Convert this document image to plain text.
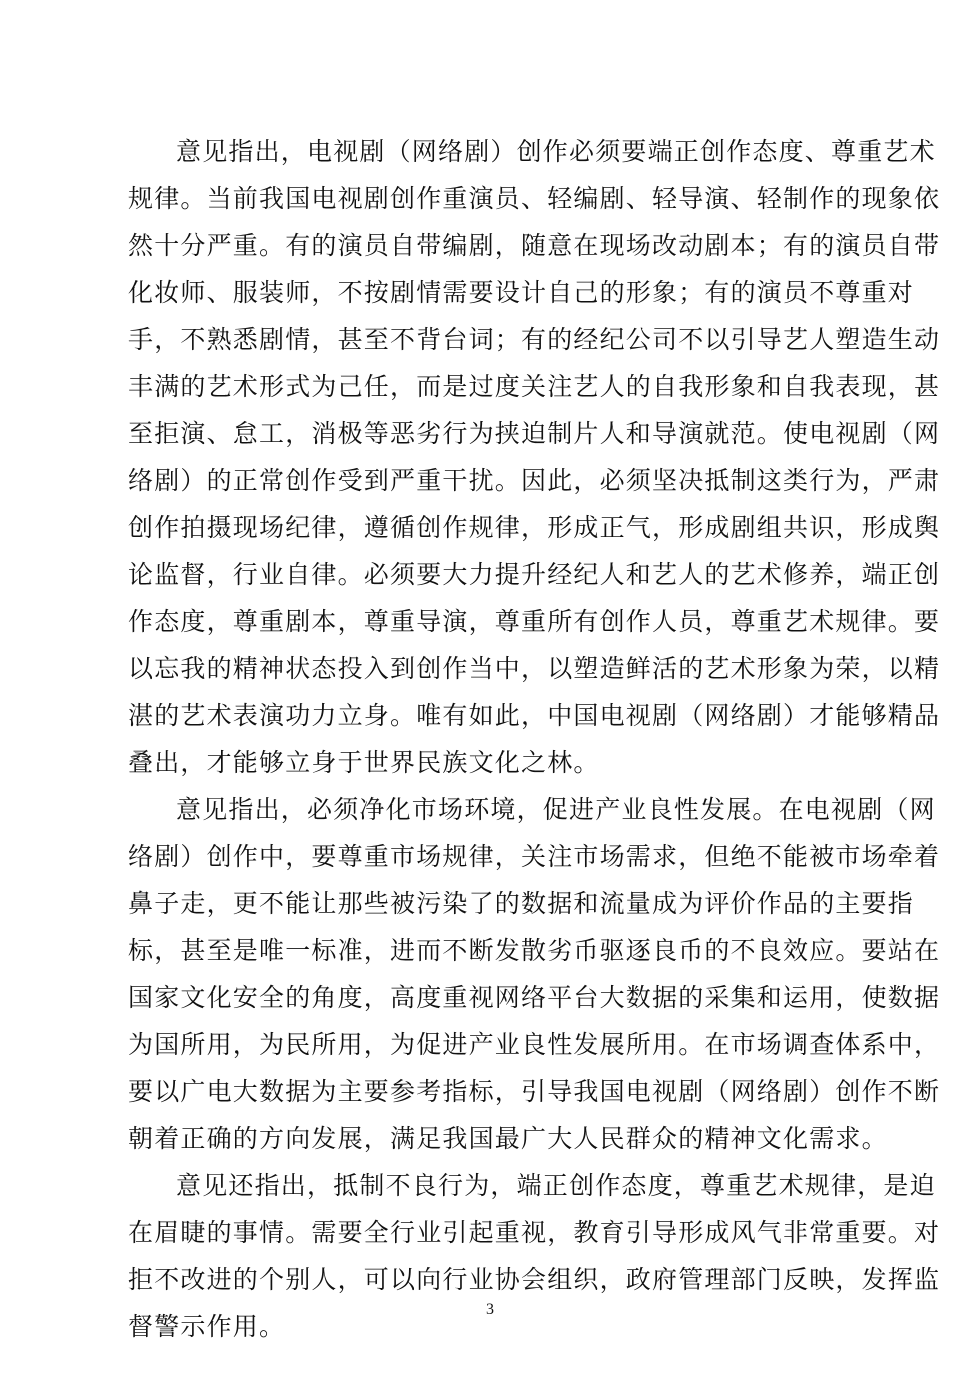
意见指出，电视剧（网络剧）创作必须要端正创作态度、尊重艺术
规律。当前我国电视剧创作重演员、轻编剧、轻导演、轻制作的现象依
然十分严重。有的演员自带编剧，随意在现场改动剧本；有的演员自带
化妆师、服装师，不按剧情需要设计自己的形象；有的演员不尊重对
手，不熟悉剧情，甚至不背台词；有的经纪公司不以引导艺人塑造生动
丰满的艺术形式为己任，而是过度关注艺人的自我形象和自我表现，甚
至拒演、怠工，消极等恶劣行为挟迫制片人和导演就范。使电视剧（网
络剧）的正常创作受到严重干扰。因此，必须坚决抵制这类行为，严肃
创作拍摄现场纪律，遵循创作规律，形成正气，形成剧组共识，形成舆
论监督，行业自律。必须要大力提升经纪人和艺人的艺术修养，端正创
作态度，尊重剧本，尊重导演，尊重所有创作人员，尊重艺术规律。要
以忘我的精神状态投入到创作当中，以塑造鲜活的艺术形象为荣，以精
湛的艺术表演功力立身。唯有如此，中国电视剧（网络剧）才能够精品
叠出，才能够立身于世界民族文化之林。
意见指出，必须净化市场环境，促进产业良性发展。在电视剧（网
络剧）创作中，要尊重市场规律，关注市场需求，但绝不能被市场牵着
鼻子走，更不能让那些被污染了的数据和流量成为评价作品的主要指
标，甚至是唯一标准，进而不断发散劣币驱逐良币的不良效应。要站在
国家文化安全的角度，高度重视网络平台大数据的采集和运用，使数据
为国所用，为民所用，为促进产业良性发展所用。在市场调查体系中，
要以广电大数据为主要参考指标，引导我国电视剧（网络剧）创作不断
朝着正确的方向发展，满足我国最广大人民群众的精神文化需求。
意见还指出，抵制不良行为，端正创作态度，尊重艺术规律，是迫
在眉睫的事情。需要全行业引起重视，教育引导形成风气非常重要。对
拒不改进的个别人，可以向行业协会组织，政府管理部门反映，发挥监
督警示作用。
3
